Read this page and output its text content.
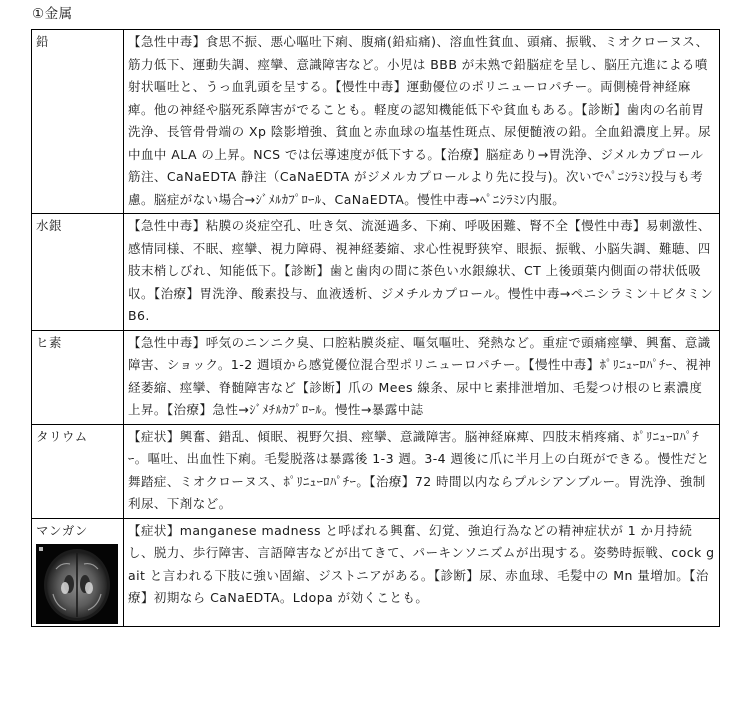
①金属
鉛	【急性中毒】食思不振、悪心嘔吐下痢、腹痛(鉛疝痛)、溶血性貧血、頭痛、振戦、ミオクローヌス、筋力低下、運動失調、痙攣、意識障害など。小児は BBB が未熟で鉛脳症を呈し、脳圧亢進による噴射状嘔吐と、うっ血乳頭を呈する。【慢性中毒】運動優位のポリニューロパチー。両側橈骨神経麻痺。他の神経や脳死系障害がでることも。軽度の認知機能低下や貧血もある。【診断】歯肉の名前胃洗浄、長管骨骨端の Xp 陰影増強、貧血と赤血球の塩基性斑点、尿便髄液の鉛。全血鉛濃度上昇。尿中血中 ALA の上昇。NCS では伝導速度が低下する。【治療】脳症あり→胃洗浄、ジメルカプロール筋注、CaNaEDTA 静注（CaNaEDTA がジメルカプロールより先に投与)。次いでﾍﾟﾆｼﾗﾐﾝ投与も考慮。脳症がない場合→ｼﾞﾒﾙｶﾌﾟﾛｰﾙ、CaNaEDTA。慢性中毒→ﾍﾟﾆｼﾗﾐﾝ内服。
水銀	【急性中毒】粘膜の炎症空孔、吐き気、流涎過多、下痢、呼吸困難、腎不全【慢性中毒】易刺激性、感情同様、不眠、痙攣、視力障碍、視神経萎縮、求心性視野狭窄、眼振、振戦、小脳失調、難聴、四肢末梢しびれ、知能低下。【診断】歯と歯肉の間に茶色い水銀線状、CT 上後頭葉内側面の帯状低吸収。【治療】胃洗浄、酸素投与、血液透析、ジメチルカプロール。慢性中毒→ペニシラミン＋ビタミン B6.
ヒ素	【急性中毒】呼気のニンニク臭、口腔粘膜炎症、嘔気嘔吐、発熱など。重症で頭痛痙攣、興奮、意識障害、ショック。1-2 週頃から感覚優位混合型ポリニューロパチー。【慢性中毒】ﾎﾟﾘﾆｭｰﾛﾊﾟﾁｰ、視神経萎縮、痙攣、脊髄障害など【診断】爪の Mees 線条、尿中ヒ素排泄増加、毛髪つけ根のヒ素濃度上昇。【治療】急性→ｼﾞﾒﾁﾙｶﾌﾟﾛｰﾙ。慢性→暴露中誌
タリウム	【症状】興奮、錯乱、傾眠、視野欠損、痙攣、意識障害。脳神経麻痺、四肢末梢疼痛、ﾎﾟﾘﾆｭｰﾛﾊﾟﾁｰ。嘔吐、出血性下痢。毛髪脱落は暴露後 1-3 週。3-4 週後に爪に半月上の白斑ができる。慢性だと舞踏症、ミオクローヌス、ﾎﾟﾘﾆｭｰﾛﾊﾟﾁｰ。【治療】72 時間以内ならプルシアンブルー。胃洗浄、強制利尿、下剤など。

マンガン	【症状】manganese madness と呼ばれる興奮、幻覚、強迫行為などの精神症状が 1 か月持続し、脱力、歩行障害、言語障害などが出てきて、パーキンソニズムが出現する。姿勢時振戦、cock gait と言われる下肢に強い固縮、ジストニアがある。【診断】尿、赤血球、毛髪中の Mn 量増加。【治療】初期なら CaNaEDTA。Ldopa が効くことも。
